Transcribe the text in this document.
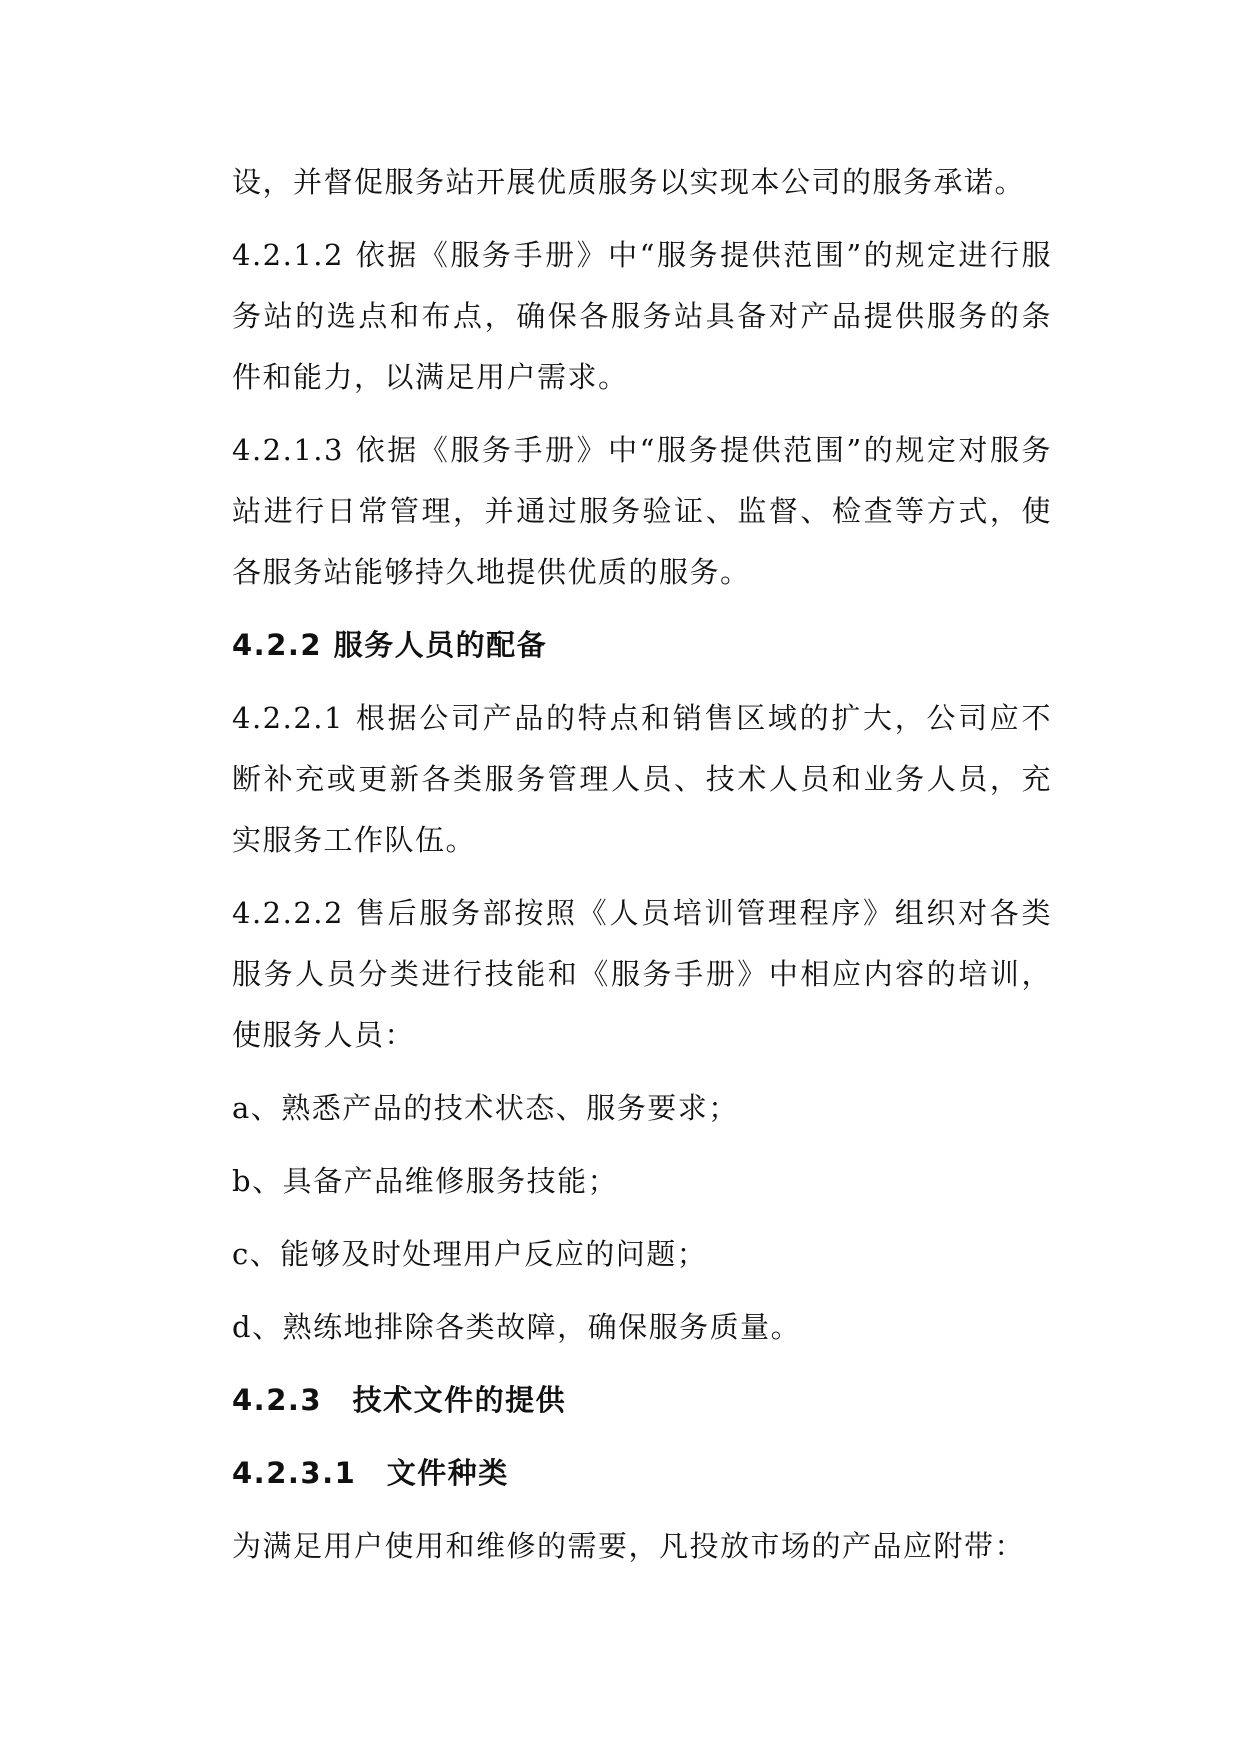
设，并督促服务站开展优质服务以实现本公司的服务承诺。

4.2.1.2 依据《服务手册》中“服务提供范围”的规定进行服务站的选点和布点，确保各服务站具备对产品提供服务的条件和能力，以满足用户需求。

4.2.1.3 依据《服务手册》中“服务提供范围”的规定对服务站进行日常管理，并通过服务验证、监督、检查等方式，使各服务站能够持久地提供优质的服务。

4.2.2 服务人员的配备

4.2.2.1 根据公司产品的特点和销售区域的扩大，公司应不断补充或更新各类服务管理人员、技术人员和业务人员，充实服务工作队伍。

4.2.2.2 售后服务部按照《人员培训管理程序》组织对各类服务人员分类进行技能和《服务手册》中相应内容的培训，使服务人员：

a、熟悉产品的技术状态、服务要求；

b、具备产品维修服务技能；

c、能够及时处理用户反应的问题；

d、熟练地排除各类故障，确保服务质量。

4.2.3　技术文件的提供

4.2.3.1　文件种类

为满足用户使用和维修的需要，凡投放市场的产品应附带：
